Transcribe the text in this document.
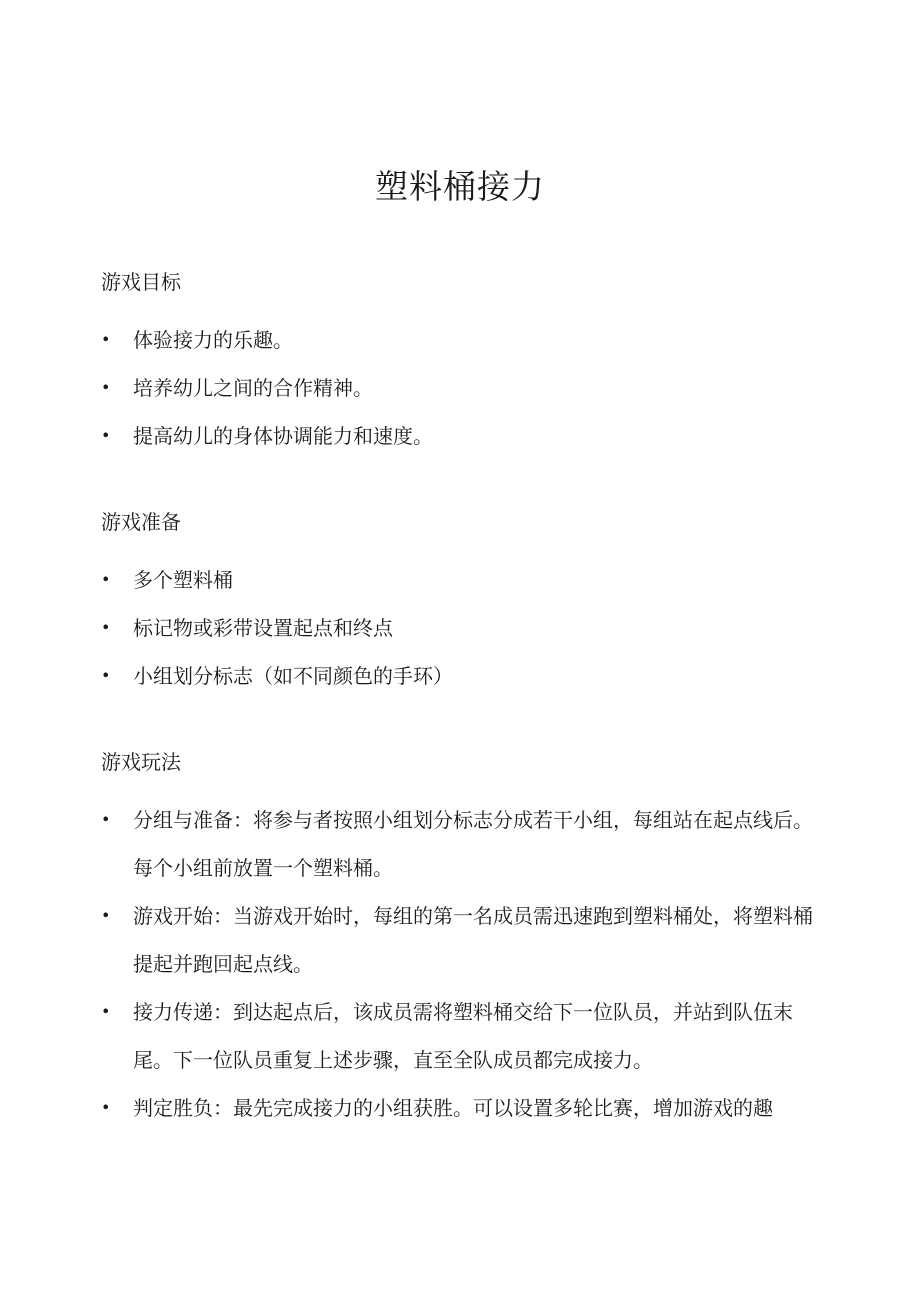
塑料桶接力
游戏目标
• 体验接力的乐趣。
• 培养幼儿之间的合作精神。
• 提高幼儿的身体协调能力和速度。
游戏准备
• 多个塑料桶
• 标记物或彩带设置起点和终点
• 小组划分标志（如不同颜色的手环）
游戏玩法
• 分组与准备：将参与者按照小组划分标志分成若干小组，每组站在起点线后。每个小组前放置一个塑料桶。
• 游戏开始：当游戏开始时，每组的第一名成员需迅速跑到塑料桶处，将塑料桶提起并跑回起点线。
• 接力传递：到达起点后，该成员需将塑料桶交给下一位队员，并站到队伍末尾。下一位队员重复上述步骤，直至全队成员都完成接力。
• 判定胜负：最先完成接力的小组获胜。可以设置多轮比赛，增加游戏的趣
